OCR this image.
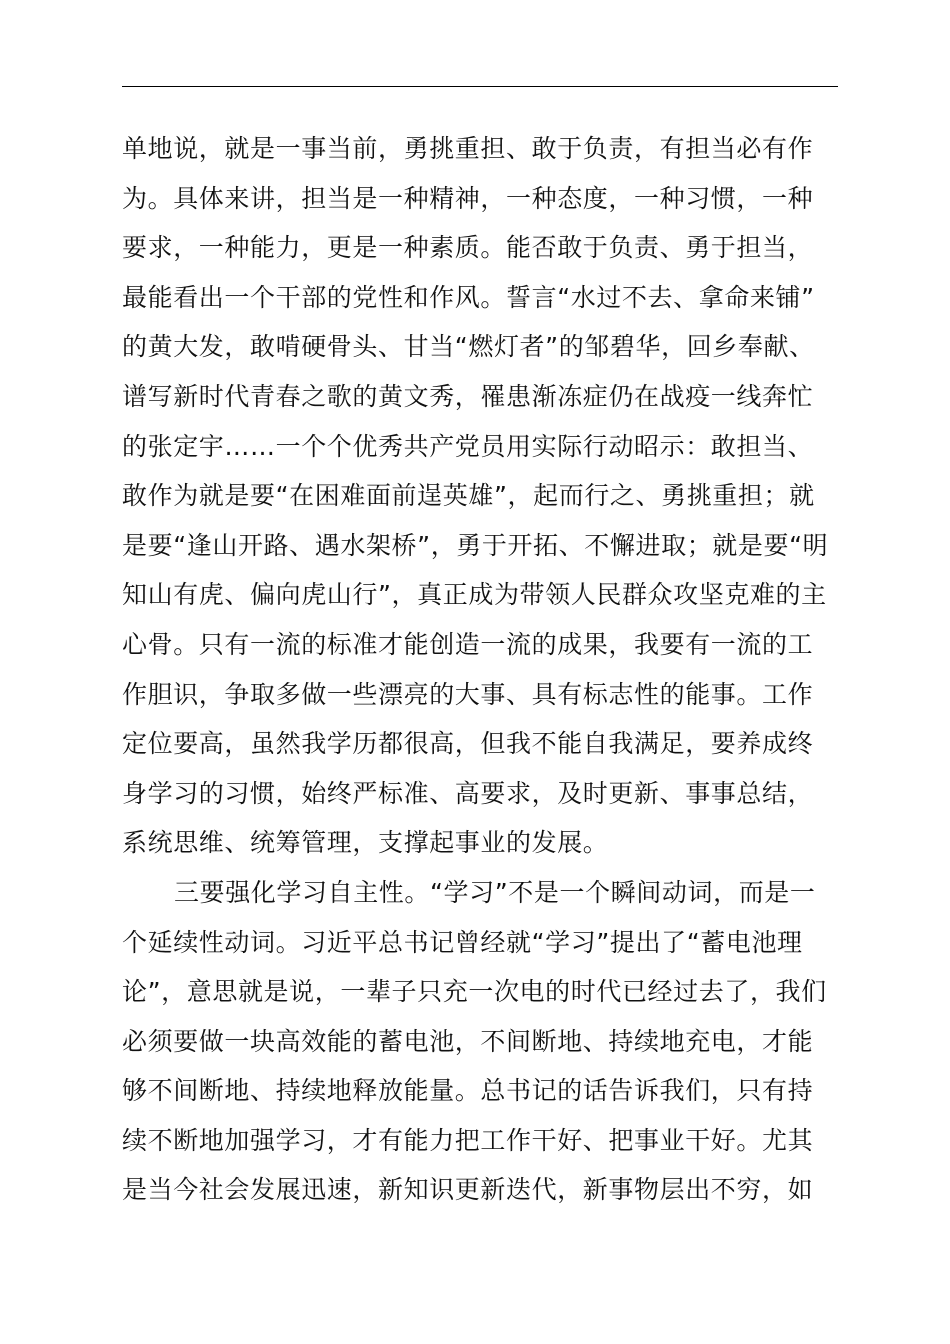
单地说，就是一事当前，勇挑重担、敢于负责，有担当必有作
为。具体来讲，担当是一种精神，一种态度，一种习惯，一种
要求，一种能力，更是一种素质。能否敢于负责、勇于担当，
最能看出一个干部的党性和作风。誓言“水过不去、拿命来铺”
的黄大发，敢啃硬骨头、甘当“燃灯者”的邹碧华，回乡奉献、
谱写新时代青春之歌的黄文秀，罹患渐冻症仍在战疫一线奔忙
的张定宇……一个个优秀共产党员用实际行动昭示：敢担当、
敢作为就是要“在困难面前逞英雄”，起而行之、勇挑重担；就
是要“逢山开路、遇水架桥”，勇于开拓、不懈进取；就是要“明
知山有虎、偏向虎山行”，真正成为带领人民群众攻坚克难的主
心骨。只有一流的标准才能创造一流的成果，我要有一流的工
作胆识，争取多做一些漂亮的大事、具有标志性的能事。工作
定位要高，虽然我学历都很高，但我不能自我满足，要养成终
身学习的习惯，始终严标准、高要求，及时更新、事事总结，
系统思维、统筹管理，支撑起事业的发展。
三要强化学习自主性。“学习”不是一个瞬间动词，而是一
个延续性动词。习近平总书记曾经就“学习”提出了“蓄电池理
论”，意思就是说，一辈子只充一次电的时代已经过去了，我们
必须要做一块高效能的蓄电池，不间断地、持续地充电，才能
够不间断地、持续地释放能量。总书记的话告诉我们，只有持
续不断地加强学习，才有能力把工作干好、把事业干好。尤其
是当今社会发展迅速，新知识更新迭代，新事物层出不穷，如
